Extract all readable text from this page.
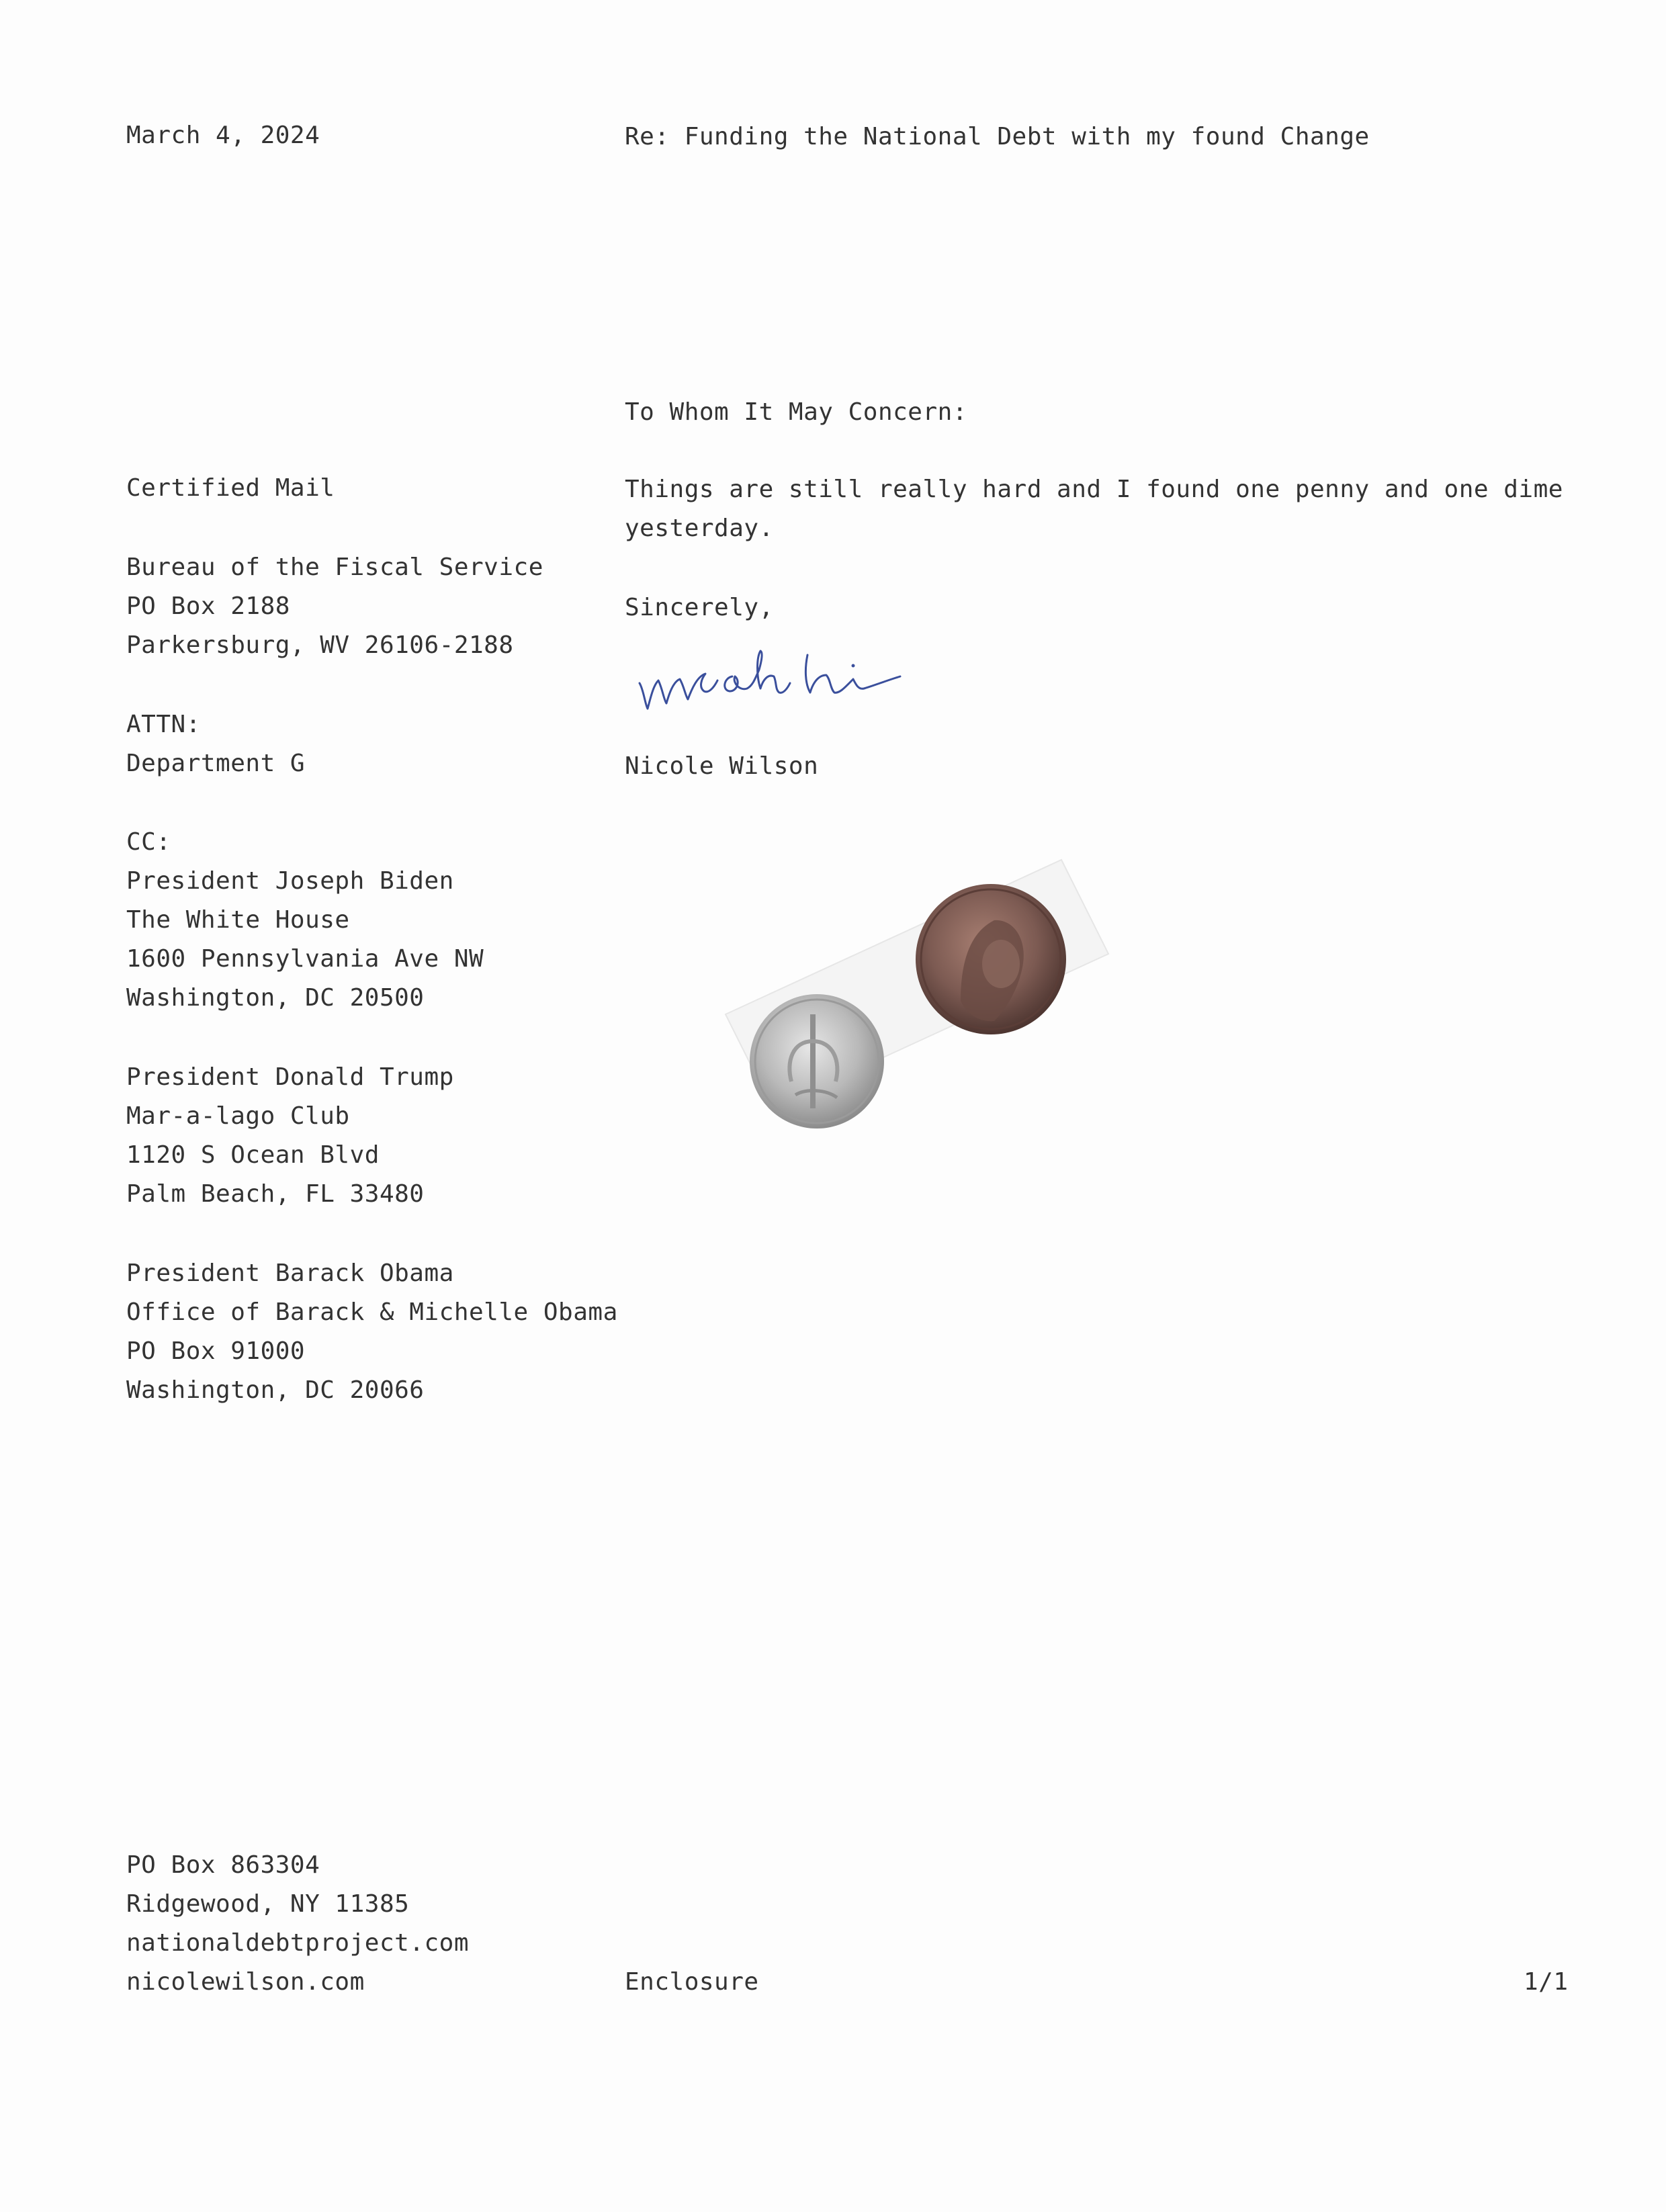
March 4, 2024	Re: Funding the National Debt with my found Change
To Whom It May Concern:
Certified Mail
Bureau of the Fiscal Service
PO Box 2188
Parkersburg, WV 26106-2188
ATTN:
Department G
CC:
President Joseph Biden
The White House
1600 Pennsylvania Ave NW
Washington, DC 20500
President Donald Trump
Mar-a-lago Club
1120 S Ocean Blvd
Palm Beach, FL 33480
President Barack Obama
Office of Barack & Michelle Obama
PO Box 91000
Washington, DC 20066
Things are still really hard and I found one penny and one dime
yesterday.
Sincerely,
Nicole Wilson
PO Box 863304
Ridgewood, NY 11385
nationaldebtproject.com
nicolewilson.com	Enclosure	1/1
